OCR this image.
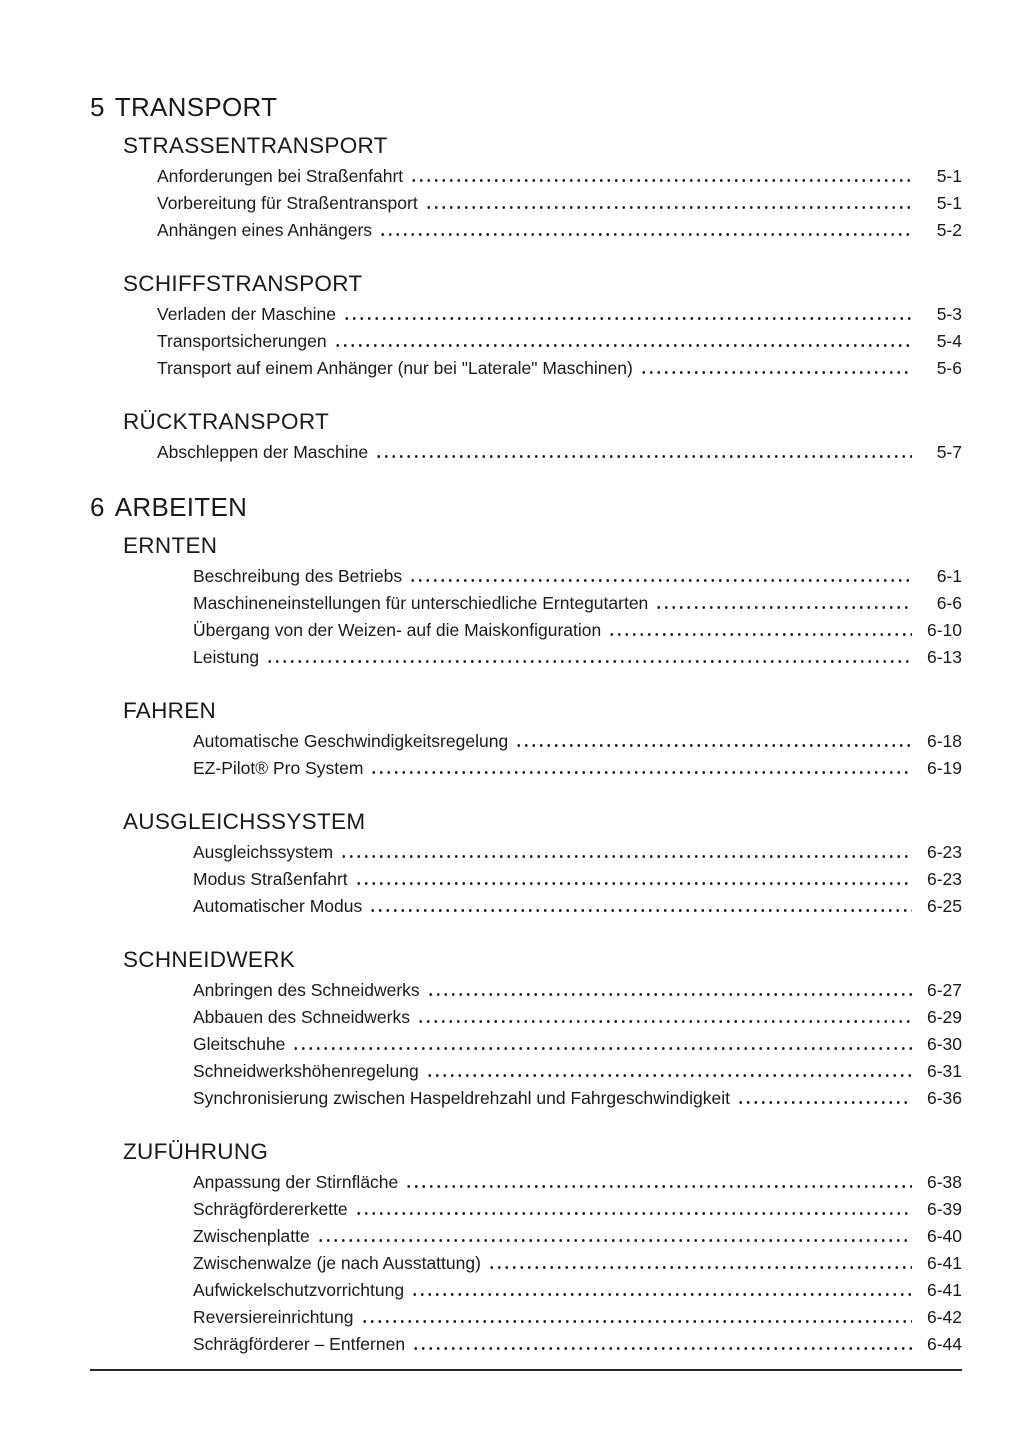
5 TRANSPORT
STRASSENTRANSPORT
Anforderungen bei Straßenfahrt	5-1
Vorbereitung für Straßentransport	5-1
Anhängen eines Anhängers	5-2
SCHIFFSTRANSPORT
Verladen der Maschine	5-3
Transportsicherungen	5-4
Transport auf einem Anhänger (nur bei "Laterale" Maschinen)	5-6
RÜCKTRANSPORT
Abschleppen der Maschine	5-7
6 ARBEITEN
ERNTEN
Beschreibung des Betriebs	6-1
Maschineneinstellungen für unterschiedliche Erntegutarten	6-6
Übergang von der Weizen- auf die Maiskonfiguration	6-10
Leistung	6-13
FAHREN
Automatische Geschwindigkeitsregelung	6-18
EZ-Pilot® Pro System	6-19
AUSGLEICHSSYSTEM
Ausgleichssystem	6-23
Modus Straßenfahrt	6-23
Automatischer Modus	6-25
SCHNEIDWERK
Anbringen des Schneidwerks	6-27
Abbauen des Schneidwerks	6-29
Gleitschuhe	6-30
Schneidwerkshöhenregelung	6-31
Synchronisierung zwischen Haspeldrehzahl und Fahrgeschwindigkeit	6-36
ZUFÜHRUNG
Anpassung der Stirnfläche	6-38
Schrägfördererkette	6-39
Zwischenplatte	6-40
Zwischenwalze (je nach Ausstattung)	6-41
Aufwickelschutzvorrichtung	6-41
Reversiereinrichtung	6-42
Schrägförderer – Entfernen	6-44
